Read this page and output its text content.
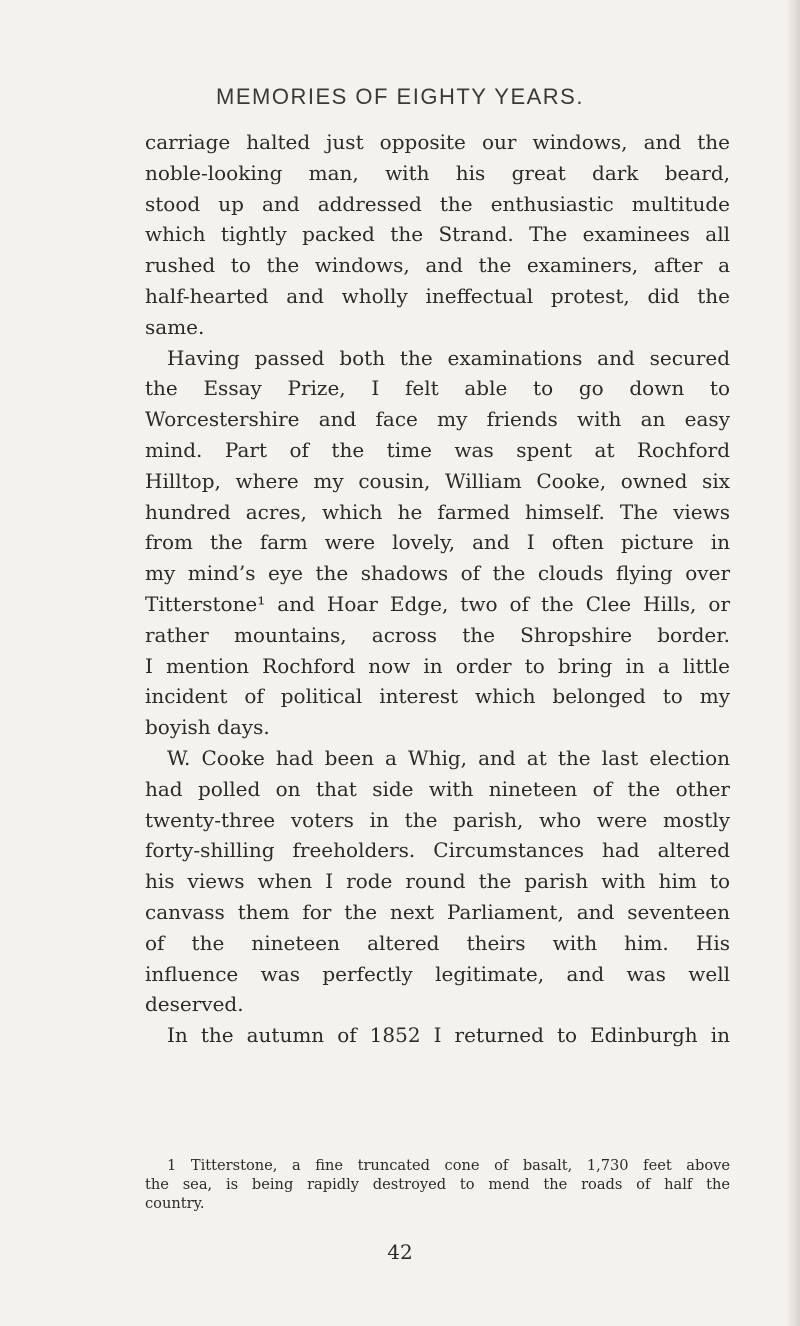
MEMORIES OF EIGHTY YEARS.
carriage halted just opposite our windows, and the
noble-looking man, with his great dark beard,
stood up and addressed the enthusiastic multitude
which tightly packed the Strand. The examinees all
rushed to the windows, and the examiners, after a
half-hearted and wholly ineffectual protest, did the
same.
Having passed both the examinations and secured
the Essay Prize, I felt able to go down to
Worcestershire and face my friends with an easy
mind. Part of the time was spent at Rochford
Hilltop, where my cousin, William Cooke, owned six
hundred acres, which he farmed himself. The views
from the farm were lovely, and I often picture in
my mind’s eye the shadows of the clouds flying over
Titterstone¹ and Hoar Edge, two of the Clee Hills, or
rather mountains, across the Shropshire border.
I mention Rochford now in order to bring in a little
incident of political interest which belonged to my
boyish days.
W. Cooke had been a Whig, and at the last election
had polled on that side with nineteen of the other
twenty-three voters in the parish, who were mostly
forty-shilling freeholders. Circumstances had altered
his views when I rode round the parish with him to
canvass them for the next Parliament, and seventeen
of the nineteen altered theirs with him. His
influence was perfectly legitimate, and was well
deserved.
In the autumn of 1852 I returned to Edinburgh in
1 Titterstone, a fine truncated cone of basalt, 1,730 feet above
the sea, is being rapidly destroyed to mend the roads of half the
country.
42
